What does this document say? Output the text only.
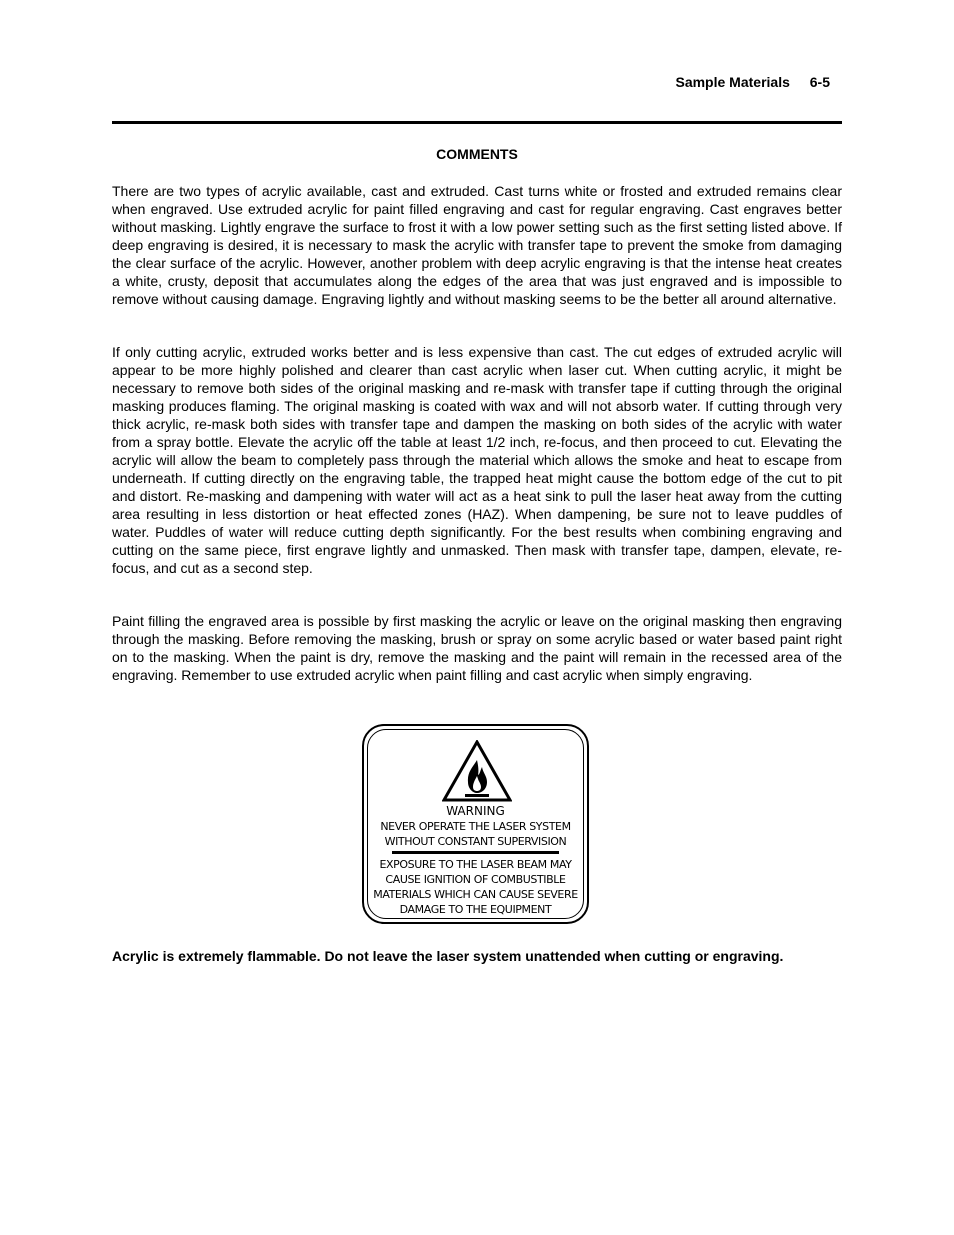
Sample Materials 6-5
COMMENTS

There are two types of acrylic available, cast and extruded. Cast turns white or frosted and extruded remains clear when engraved. Use extruded acrylic for paint filled engraving and cast for regular engraving. Cast engraves better without masking. Lightly engrave the surface to frost it with a low power setting such as the first setting listed above. If deep engraving is desired, it is necessary to mask the acrylic with transfer tape to prevent the smoke from damaging the clear surface of the acrylic. However, another problem with deep acrylic engraving is that the intense heat creates a white, crusty, deposit that accumulates along the edges of the area that was just engraved and is impossible to remove without causing damage. Engraving lightly and without masking seems to be the better all around alternative.

If only cutting acrylic, extruded works better and is less expensive than cast. The cut edges of extruded acrylic will appear to be more highly polished and clearer than cast acrylic when laser cut. When cutting acrylic, it might be necessary to remove both sides of the original masking and re-mask with transfer tape if cutting through the original masking produces flaming. The original masking is coated with wax and will not absorb water. If cutting through very thick acrylic, re-mask both sides with transfer tape and dampen the masking on both sides of the acrylic with water from a spray bottle. Elevate the acrylic off the table at least 1/2 inch, re-focus, and then proceed to cut. Elevating the acrylic will allow the beam to completely pass through the material which allows the smoke and heat to escape from underneath. If cutting directly on the engraving table, the trapped heat might cause the bottom edge of the cut to pit and distort. Re-masking and dampening with water will act as a heat sink to pull the laser heat away from the cutting area resulting in less distortion or heat effected zones (HAZ). When dampening, be sure not to leave puddles of water. Puddles of water will reduce cutting depth significantly. For the best results when combining engraving and cutting on the same piece, first engrave lightly and unmasked. Then mask with transfer tape, dampen, elevate, re-focus, and cut as a second step.

Paint filling the engraved area is possible by first masking the acrylic or leave on the original masking then engraving through the masking. Before removing the masking, brush or spray on some acrylic based or water based paint right on to the masking. When the paint is dry, remove the masking and the paint will remain in the recessed area of the engraving. Remember to use extruded acrylic when paint filling and cast acrylic when simply engraving.

WARNING
NEVER OPERATE THE LASER SYSTEM
WITHOUT CONSTANT SUPERVISION
EXPOSURE TO THE LASER BEAM MAY
CAUSE IGNITION OF COMBUSTIBLE
MATERIALS WHICH CAN CAUSE SEVERE
DAMAGE TO THE EQUIPMENT
Acrylic is extremely flammable. Do not leave the laser system unattended when cutting or engraving.
